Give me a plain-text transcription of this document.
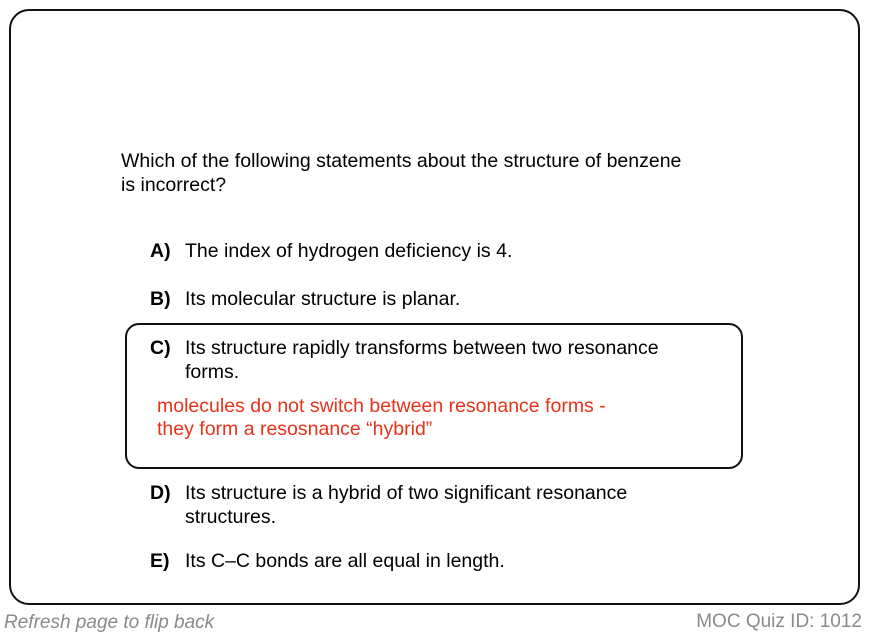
Which of the following statements about the structure of benzene
is incorrect?
A) The index of hydrogen deficiency is 4.
B) Its molecular structure is planar.
C) Its structure rapidly transforms between two resonance
forms.
molecules do not switch between resonance forms -
they form a resosnance “hybrid”
D) Its structure is a hybrid of two significant resonance
structures.
E) Its C–C bonds are all equal in length.
Refresh page to flip back	MOC Quiz ID: 1012
